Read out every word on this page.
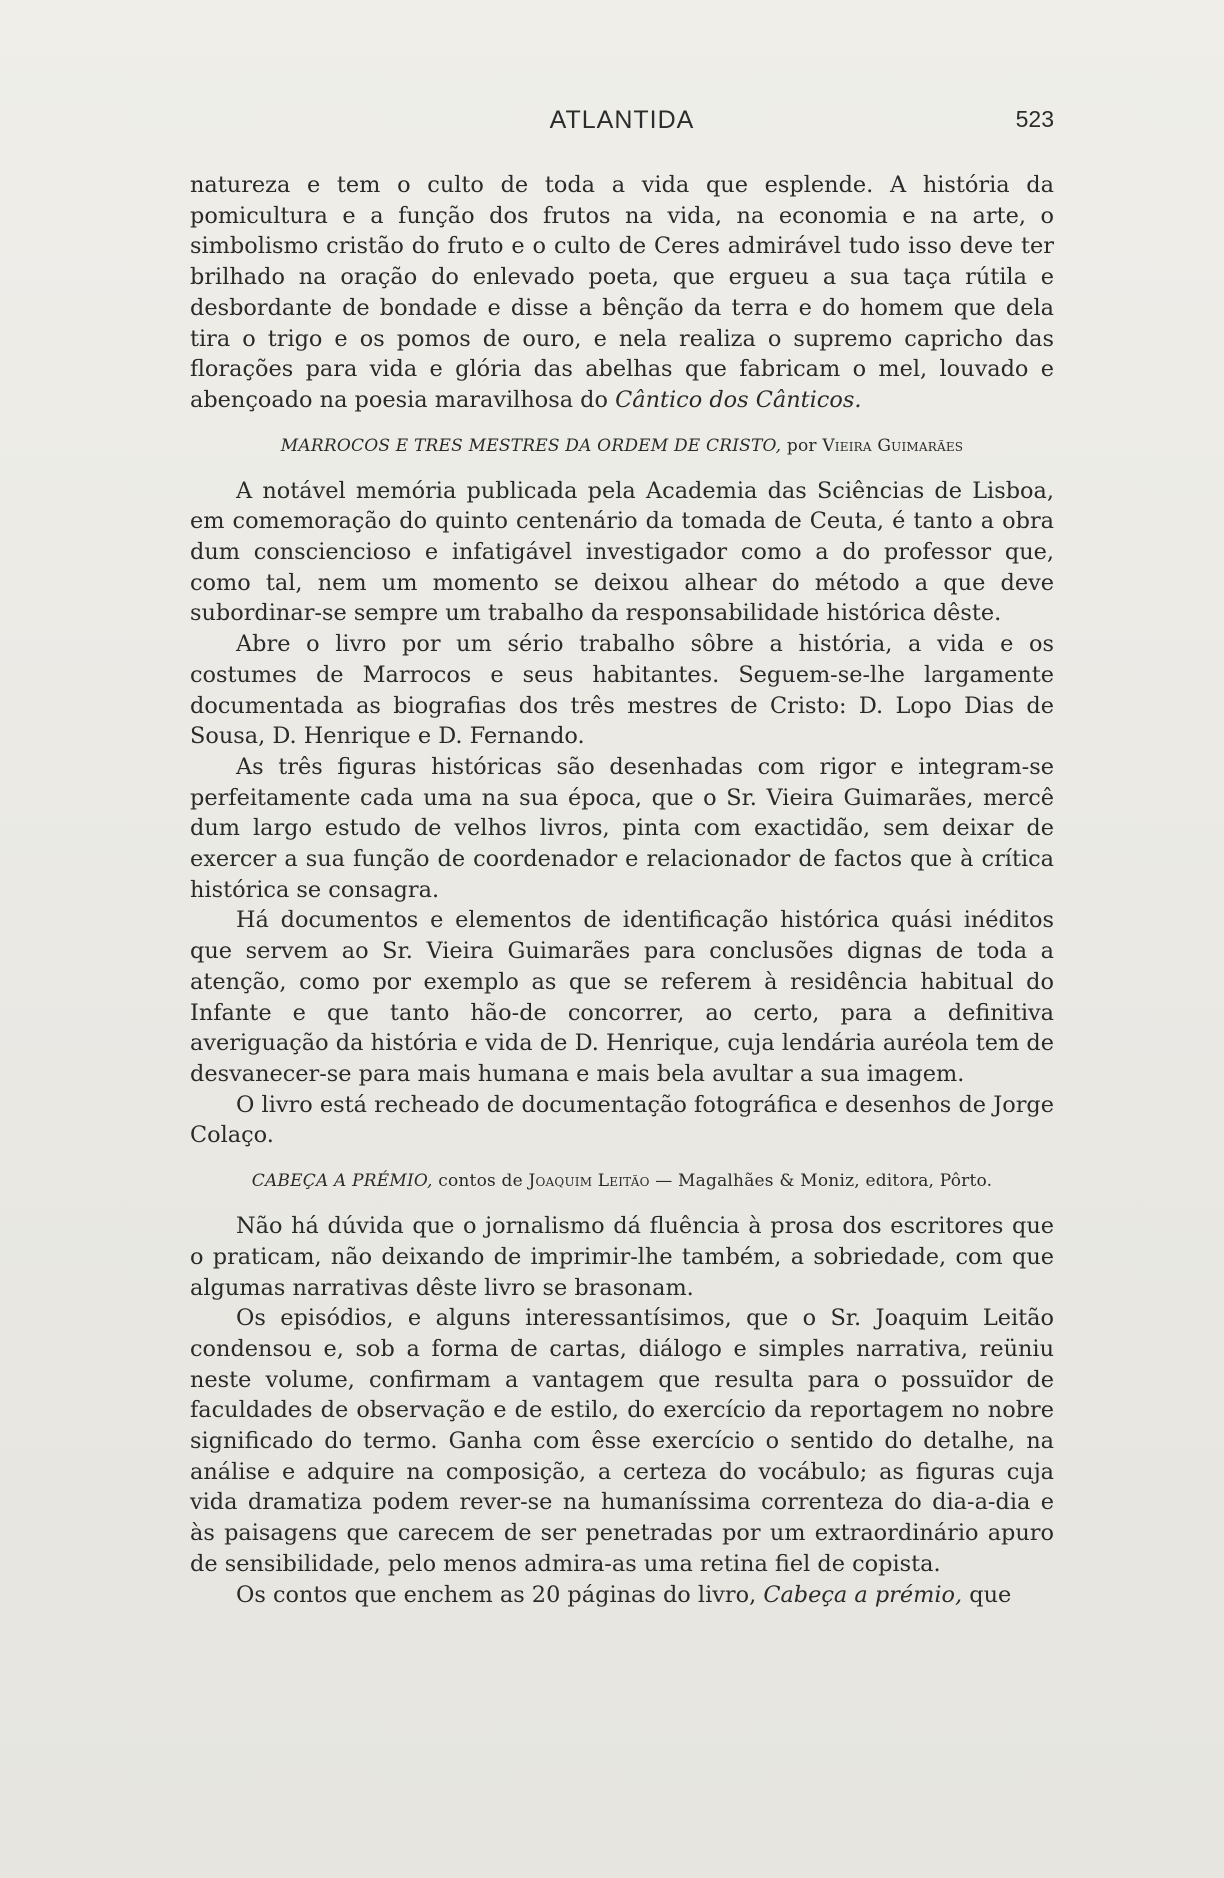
ATLANTIDA	523

natureza e tem o culto de toda a vida que esplende. A história da pomicultura e a função dos frutos na vida, na economia e na arte, o simbolismo cristão do fruto e o culto de Ceres admirável tudo isso deve ter brilhado na oração do enlevado poeta, que ergueu a sua taça rútila e desbordante de bondade e disse a bênção da terra e do homem que dela tira o trigo e os pomos de ouro, e nela realiza o supremo capricho das florações para vida e glória das abelhas que fabricam o mel, louvado e abençoado na poesia maravilhosa do Cântico dos Cânticos.

MARROCOS E TRES MESTRES DA ORDEM DE CRISTO, por Vieira Guimarães

A notável memória publicada pela Academia das Sciências de Lisboa, em comemoração do quinto centenário da tomada de Ceuta, é tanto a obra dum consciencioso e infatigável investigador como a do professor que, como tal, nem um momento se deixou alhear do método a que deve subordinar-se sempre um trabalho da responsabilidade histórica dêste.

Abre o livro por um sério trabalho sôbre a história, a vida e os costumes de Marrocos e seus habitantes. Seguem-se-lhe largamente documentada as biografias dos três mestres de Cristo: D. Lopo Dias de Sousa, D. Henrique e D. Fernando.

As três figuras históricas são desenhadas com rigor e integram-se perfeitamente cada uma na sua época, que o Sr. Vieira Guimarães, mercê dum largo estudo de velhos livros, pinta com exactidão, sem deixar de exercer a sua função de coordenador e relacionador de factos que à crítica histórica se consagra.

Há documentos e elementos de identificação histórica quási inéditos que servem ao Sr. Vieira Guimarães para conclusões dignas de toda a atenção, como por exemplo as que se referem à residência habitual do Infante e que tanto hão-de concorrer, ao certo, para a definitiva averiguação da história e vida de D. Henrique, cuja lendária auréola tem de desvanecer-se para mais humana e mais bela avultar a sua imagem.

O livro está recheado de documentação fotográfica e desenhos de Jorge Colaço.

CABEÇA A PRÉMIO, contos de Joaquim Leitão — Magalhães & Moniz, editora, Pôrto.

Não há dúvida que o jornalismo dá fluência à prosa dos escritores que o praticam, não deixando de imprimir-lhe também, a sobriedade, com que algumas narrativas dêste livro se brasonam.

Os episódios, e alguns interessantísimos, que o Sr. Joaquim Leitão condensou e, sob a forma de cartas, diálogo e simples narrativa, reüniu neste volume, confirmam a vantagem que resulta para o possuïdor de faculdades de observação e de estilo, do exercício da reportagem no nobre significado do termo. Ganha com êsse exercício o sentido do detalhe, na análise e adquire na composição, a certeza do vocábulo; as figuras cuja vida dramatiza podem rever-se na humaníssima correnteza do dia-a-dia e às paisagens que carecem de ser penetradas por um extraordinário apuro de sensibilidade, pelo menos admira-as uma retina fiel de copista.

Os contos que enchem as 20 páginas do livro, Cabeça a prémio, que
